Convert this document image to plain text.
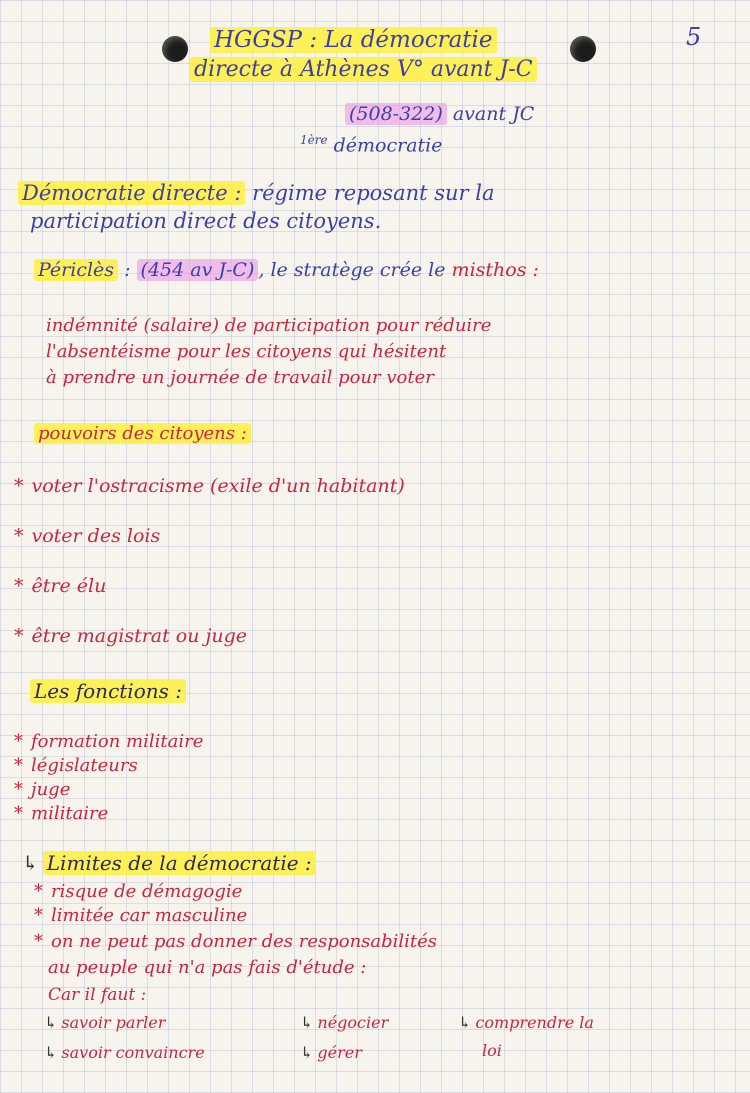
5
HGGSP : La démocratie
directe à Athènes V° avant J-C
(508-322) avant JC
$^{1ère}$ démocratie
Démocratie directe : régime reposant sur la
participation direct des citoyens.
Périclès : (454 av J-C) , le stratège crée le misthos :
indémnité (salaire) de participation pour réduire
l'absentéisme pour les citoyens qui hésitent
à prendre un journée de travail pour voter
pouvoirs des citoyens :
* voter l'ostracisme (exile d'un habitant)
* voter des lois
* être élu
* être magistrat ou juge
Les fonctions :
* formation militaire
* législateurs
* juge
* militaire
↳ Limites de la démocratie :
* risque de démagogie
* limitée car masculine
* on ne peut pas donner des responsabilités
au peuple qui n'a pas fais d'étude :
Car il faut :
↳ savoir parler	↳ négocier	↳ comprendre la
↳ savoir convaincre	↳ gérer	loi
